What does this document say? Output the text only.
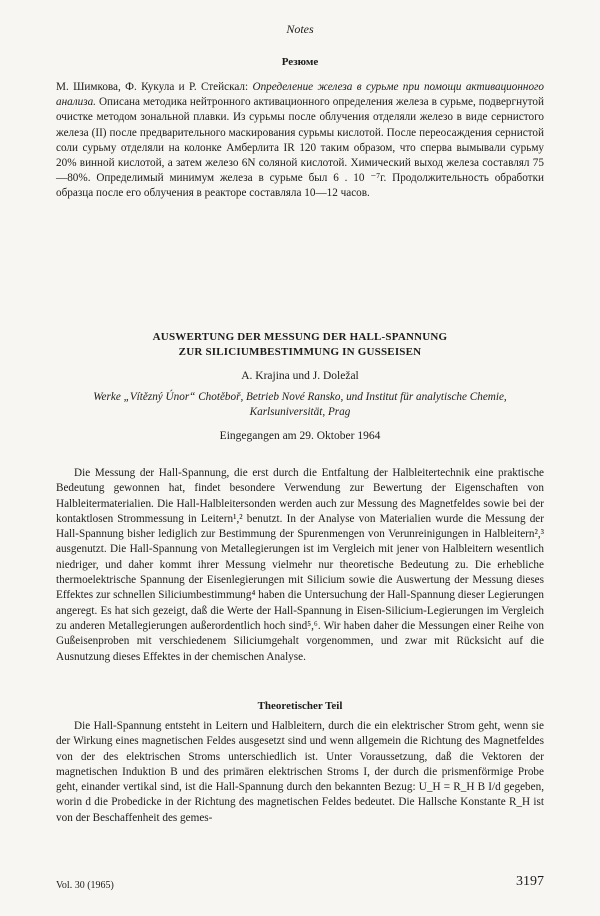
Notes
Резюме
М. Шимкова, Ф. Кукула и Р. Стейскал: Определение железа в сурьме при помощи активационного анализа. Описана методика нейтронного активационного определения железа в сурьме, подвергнутой очистке методом зональной плавки. Из сурьмы после облучения отделяли железо в виде сернистого железа (II) после предварительного маскирования сурьмы кислотой. После переосаждения сернистой соли сурьму отделяли на колонке Амберлита IR 120 таким образом, что сперва вымывали сурьму 20% винной кислотой, а затем железо 6N соляной кислотой. Химический выход железа составлял 75—80%. Определимый минимум железа в сурьме был 6 . 10 ⁻⁷г. Продолжительность обработки образца после его облучения в реакторе составляла 10—12 часов.
AUSWERTUNG DER MESSUNG DER HALL-SPANNUNG
ZUR SILICIUMBESTIMMUNG IN GUSSEISEN
A. Krajina und J. Doležal
Werke „Vítězný Únor“ Chotěboř, Betrieb Nové Ransko, und Institut für analytische Chemie, Karlsuniversität, Prag
Eingegangen am 29. Oktober 1964
Die Messung der Hall-Spannung, die erst durch die Entfaltung der Halbleitertechnik eine praktische Bedeutung gewonnen hat, findet besondere Verwendung zur Bewertung der Eigenschaften von Halbleitermaterialien. Die Hall-Halbleitersonden werden auch zur Messung des Magnetfeldes sowie bei der kontaktlosen Strommessung in Leitern¹,² benutzt. In der Analyse von Materialien wurde die Messung der Hall-Spannung bisher lediglich zur Bestimmung der Spurenmengen von Verunreinigungen in Halbleitern²,³ ausgenutzt. Die Hall-Spannung von Metallegierungen ist im Vergleich mit jener von Halbleitern wesentlich niedriger, und daher kommt ihrer Messung vielmehr nur theoretische Bedeutung zu. Die erhebliche thermoelektrische Spannung der Eisenlegierungen mit Silicium sowie die Auswertung der Messung dieses Effektes zur schnellen Siliciumbestimmung⁴ haben die Untersuchung der Hall-Spannung dieser Legierungen angeregt. Es hat sich gezeigt, daß die Werte der Hall-Spannung in Eisen-Silicium-Legierungen im Vergleich zu anderen Metallegierungen außerordentlich hoch sind⁵,⁶. Wir haben daher die Messungen einer Reihe von Gußeisenproben mit verschiedenem Siliciumgehalt vorgenommen, und zwar mit Rücksicht auf die Ausnutzung dieses Effektes in der chemischen Analyse.
Theoretischer Teil
Die Hall-Spannung entsteht in Leitern und Halbleitern, durch die ein elektrischer Strom geht, wenn sie der Wirkung eines magnetischen Feldes ausgesetzt sind und wenn allgemein die Richtung des Magnetfeldes von der des elektrischen Stroms unterschiedlich ist. Unter Voraussetzung, daß die Vektoren der magnetischen Induktion B und des primären elektrischen Stroms I, der durch die prismenförmige Probe geht, einander vertikal sind, ist die Hall-Spannung durch den bekannten Bezug: U_H = R_H B I/d gegeben, worin d die Probedicke in der Richtung des magnetischen Feldes bedeutet. Die Hallsche Konstante R_H ist von der Beschaffenheit des gemes-
Vol. 30 (1965)	3197
